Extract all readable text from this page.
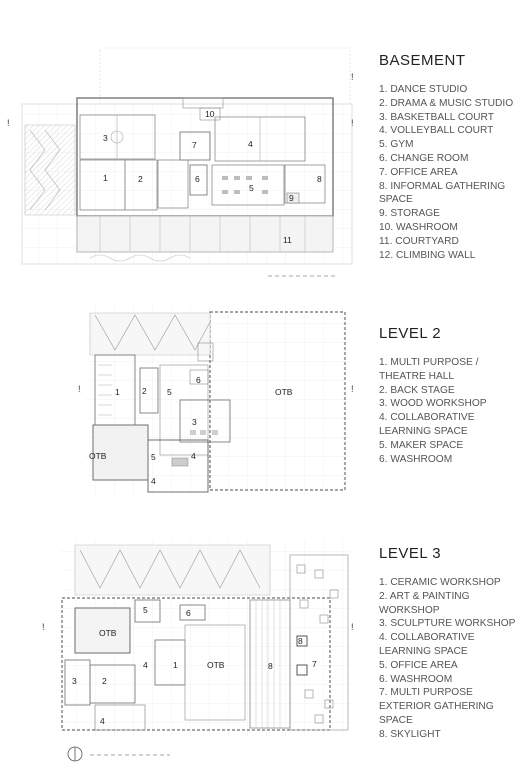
!	!
!
10
3
7	4
1	2	6
5
8
9
11
!	!
6
1	2 5	OTB
3
OTB	5	4
4
!	!
5	6
OTB
8
4	1	OTB	8	7
3	2
4
BASEMENT
1. DANCE STUDIO
2. DRAMA & MUSIC STUDIO
3. BASKETBALL COURT
4. VOLLEYBALL COURT
5. GYM
6. CHANGE ROOM
7. OFFICE AREA
8. INFORMAL GATHERING SPACE
9. STORAGE
10. WASHROOM
11. COURTYARD
12. CLIMBING WALL
LEVEL 2
1. MULTI PURPOSE / THEATRE HALL
2. BACK STAGE
3. WOOD WORKSHOP
4. COLLABORATIVE LEARNING SPACE
5. MAKER SPACE
6. WASHROOM
LEVEL 3
1. CERAMIC WORKSHOP
2. ART & PAINTING WORKSHOP
3. SCULPTURE WORKSHOP
4. COLLABORATIVE LEARNING SPACE
5. OFFICE AREA
6. WASHROOM
7. MULTI PURPOSE EXTERIOR GATHERING SPACE
8. SKYLIGHT
